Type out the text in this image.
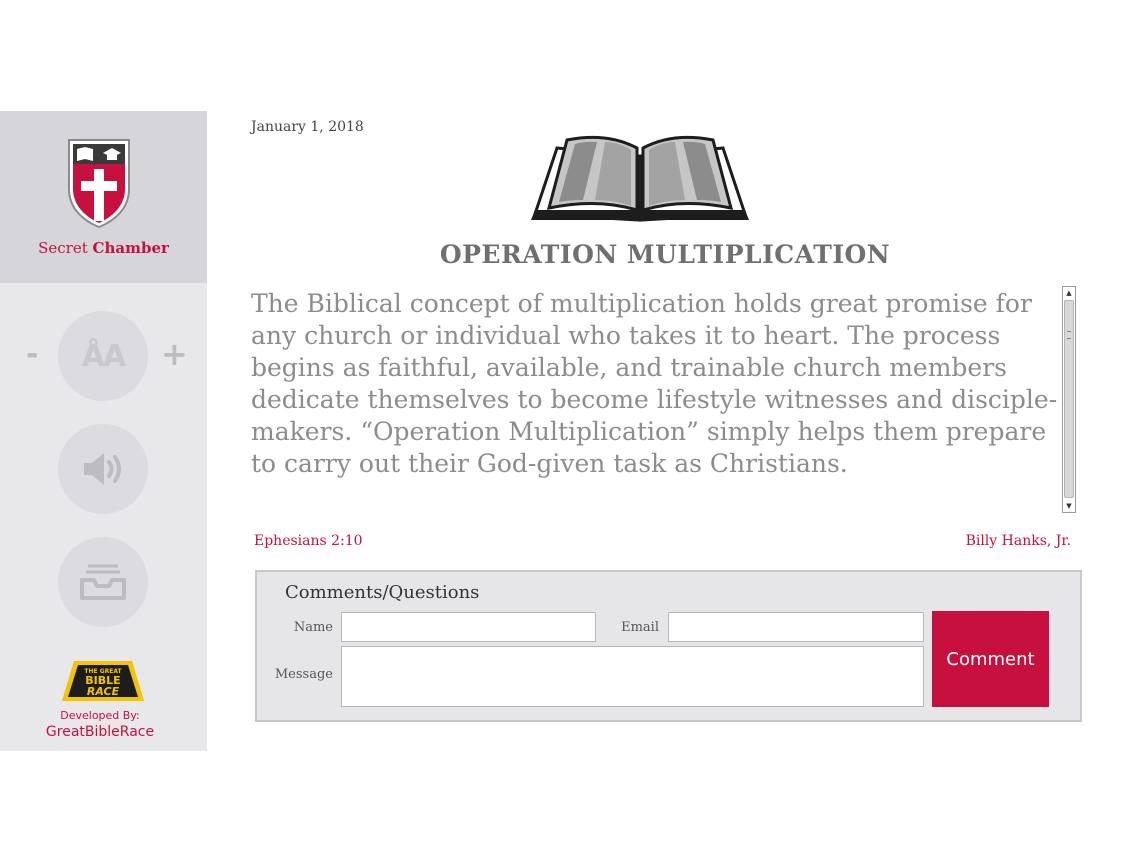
Secret Chamber
-	ÅA	+
THE GREAT
BIBLE
RACE
Developed By:
GreatBibleRace
January 1, 2018
OPERATION MULTIPLICATION

The Biblical concept of multiplication holds great promise for any church or individual who takes it to heart. The process begins as faithful, available, and trainable church members dedicate themselves to become lifestyle witnesses and disciple-makers. “Operation Multiplication” simply helps them prepare to carry out their God-given task as Christians.

▲
▼
Ephesians 2:10	Billy Hanks, Jr.
Comments/Questions
Name	Email
Message
Comment
